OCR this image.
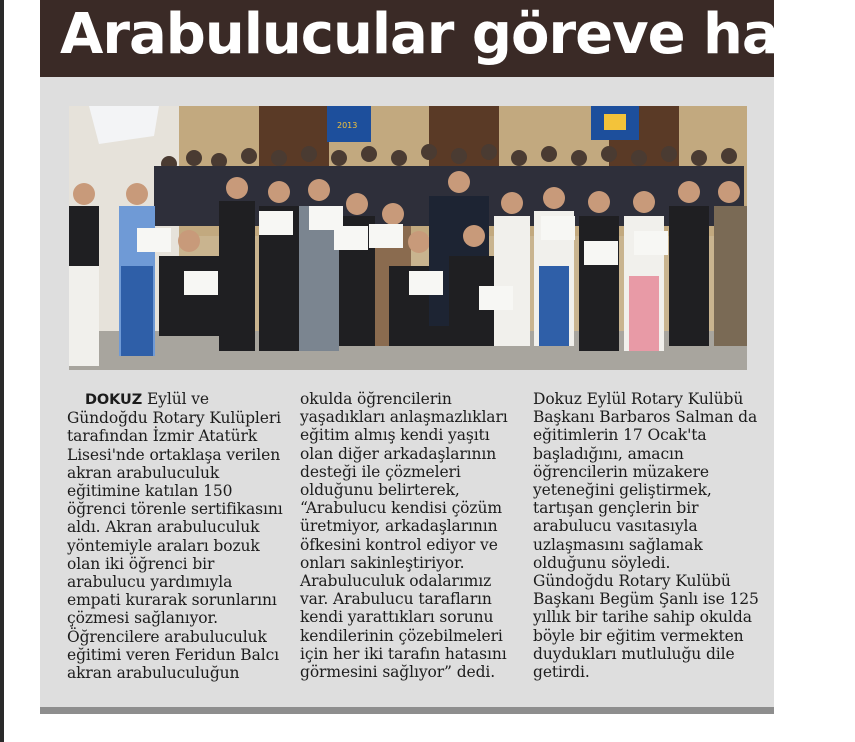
Arabulucular göreve hazır
2013
DOKUZ Eylül ve
Gündoğdu Rotary Kulüpleri
tarafından İzmir Atatürk
Lisesi'nde ortaklaşa verilen
akran arabuluculuk
eğitimine katılan 150
öğrenci törenle sertifikasını
aldı. Akran arabuluculuk
yöntemiyle araları bozuk
olan iki öğrenci bir
arabulucu yardımıyla
empati kurarak sorunlarını
çözmesi sağlanıyor.
Öğrencilere arabuluculuk
eğitimi veren Feridun Balcı
akran arabuluculuğun
okulda öğrencilerin
yaşadıkları anlaşmazlıkları
eğitim almış kendi yaşıtı
olan diğer arkadaşlarının
desteği ile çözmeleri
olduğunu belirterek,
“Arabulucu kendisi çözüm
üretmiyor, arkadaşlarının
öfkesini kontrol ediyor ve
onları sakinleştiriyor.
Arabuluculuk odalarımız
var. Arabulucu tarafların
kendi yarattıkları sorunu
kendilerinin çözebilmeleri
için her iki tarafın hatasını
görmesini sağlıyor” dedi.
Dokuz Eylül Rotary Kulübü
Başkanı Barbaros Salman da
eğitimlerin 17 Ocak'ta
başladığını, amacın
öğrencilerin müzakere
yeteneğini geliştirmek,
tartışan gençlerin bir
arabulucu vasıtasıyla
uzlaşmasını sağlamak
olduğunu söyledi.
Gündoğdu Rotary Kulübü
Başkanı Begüm Şanlı ise 125
yıllık bir tarihe sahip okulda
böyle bir eğitim vermekten
duydukları mutluluğu dile
getirdi.
